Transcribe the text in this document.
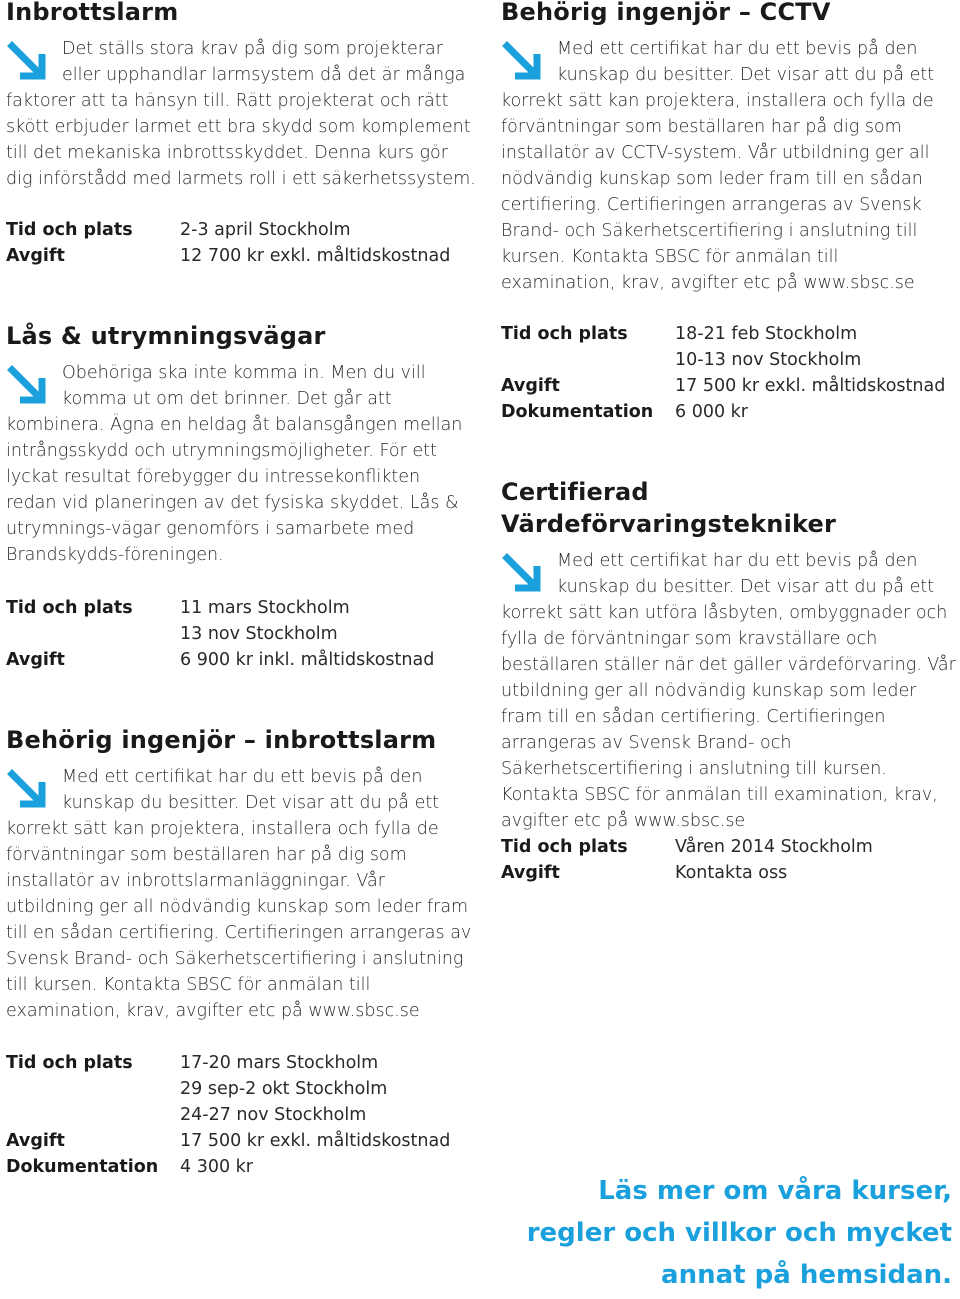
Inbrottslarm

Det ställs stora krav på dig som projekterar eller upphandlar larmsystem då det är många faktorer att ta hänsyn till. Rätt projekterat och rätt skött erbjuder larmet ett bra skydd som komplement till det mekaniska inbrottsskyddet. Denna kurs gör dig införstådd med larmets roll i ett säkerhetssystem.

Tid och plats	2-3 april Stockholm
Avgift	12 700 kr exkl. måltidskostnad
Lås & utrymningsvägar

Obehöriga ska inte komma in. Men du vill komma ut om det brinner. Det går att kombinera. Ägna en heldag åt balansgången mellan intrångsskydd och utrymningsmöjligheter. För ett lyckat resultat förebygger du intressekonflikten redan vid planeringen av det fysiska skyddet. Lås & utrymnings-vägar genomförs i samarbete med Brandskydds-föreningen.

Tid och plats	11 mars Stockholm
13 nov Stockholm
Avgift	6 900 kr inkl. måltidskostnad
Behörig ingenjör – inbrottslarm

Med ett certifikat har du ett bevis på den kunskap du besitter. Det visar att du på ett korrekt sätt kan projektera, installera och fylla de förväntningar som beställaren har på dig som installatör av inbrottslarmanläggningar. Vår utbildning ger all nödvändig kunskap som leder fram till en sådan certifiering. Certifieringen arrangeras av Svensk Brand- och Säkerhetscertifiering i anslutning till kursen. Kontakta SBSC för anmälan till examination, krav, avgifter etc på www.sbsc.se

Tid och plats	17-20 mars Stockholm
29 sep-2 okt Stockholm
24-27 nov Stockholm
Avgift	17 500 kr exkl. måltidskostnad
Dokumentation	4 300 kr
Behörig ingenjör – CCTV

Med ett certifikat har du ett bevis på den kunskap du besitter. Det visar att du på ett korrekt sätt kan projektera, installera och fylla de förväntningar som beställaren har på dig som installatör av CCTV-system. Vår utbildning ger all nödvändig kunskap som leder fram till en sådan certifiering. Certifieringen arrangeras av Svensk Brand- och Säkerhetscertifiering i anslutning till kursen. Kontakta SBSC för anmälan till examination, krav, avgifter etc på www.sbsc.se

Tid och plats	18-21 feb Stockholm
10-13 nov Stockholm
Avgift	17 500 kr exkl. måltidskostnad
Dokumentation	6 000 kr
Certifierad
Värdeförvaringstekniker

Med ett certifikat har du ett bevis på den kunskap du besitter. Det visar att du på ett korrekt sätt kan utföra låsbyten, ombyggnader och fylla de förväntningar som kravställare och beställaren ställer när det gäller värdeförvaring. Vår utbildning ger all nödvändig kunskap som leder fram till en sådan certifiering. Certifieringen arrangeras av Svensk Brand- och Säkerhetscertifiering i anslutning till kursen. Kontakta SBSC för anmälan till examination, krav, avgifter etc på www.sbsc.se

Tid och plats	Våren 2014 Stockholm
Avgift	Kontakta oss
Läs mer om våra kurser,
regler och villkor och mycket
annat på hemsidan.
